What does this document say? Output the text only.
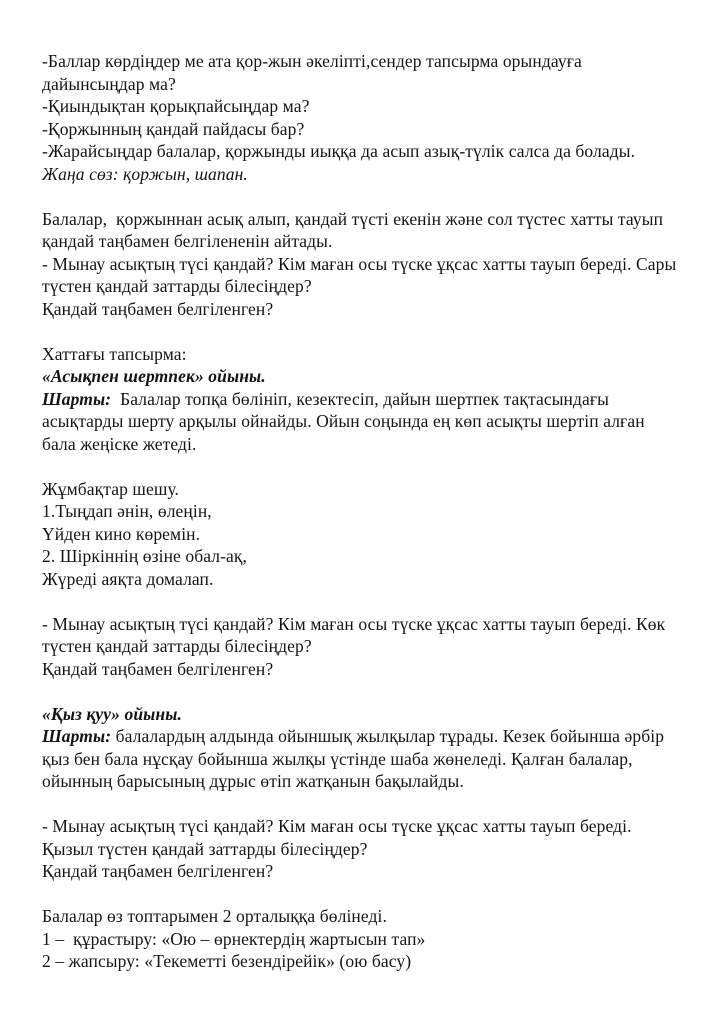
-Баллар көрдіңдер ме ата қор-жын әкеліпті,сендер тапсырма орындауға
дайынсыңдар ма?
-Қиындықтан қорықпайсыңдар ма?
-Қоржынның қандай пайдасы бар?
-Жарайсыңдар балалар, қоржынды иыққа да асып азық-түлік салса да болады.
Жаңа сөз: қоржын, шапан.
Балалар,  қоржыннан асық алып, қандай түсті екенін және сол түстес хатты тауып
қандай таңбамен белгілененін айтады.
- Мынау асықтың түсі қандай? Кім маған осы түске ұқсас хатты тауып береді. Сары
түстен қандай заттарды білесіңдер?
Қандай таңбамен белгіленген?
Хаттағы тапсырма:
«Асықпен шертпек» ойыны.
Шарты:  Балалар топқа бөлініп, кезектесіп, дайын шертпек тақтасындағы
асықтарды шерту арқылы ойнайды. Ойын соңында ең көп асықты шертіп алған
бала жеңіске жетеді.
Жұмбақтар шешу.
1.Тыңдап әнін, өлеңін,
Үйден кино көремін.
2. Шіркіннің өзіне обал-ақ,
Жүреді аяқта домалап.
- Мынау асықтың түсі қандай? Кім маған осы түске ұқсас хатты тауып береді. Көк
түстен қандай заттарды білесіңдер?
Қандай таңбамен белгіленген?
«Қыз қуу» ойыны.
Шарты: балалардың алдында ойыншық жылқылар тұрады. Кезек бойынша әрбір
қыз бен бала нұсқау бойынша жылқы үстінде шаба жөнеледі. Қалған балалар,
ойынның барысының дұрыс өтіп жатқанын бақылайды.
- Мынау асықтың түсі қандай? Кім маған осы түске ұқсас хатты тауып береді.
Қызыл түстен қандай заттарды білесіңдер?
Қандай таңбамен белгіленген?
Балалар өз топтарымен 2 орталыққа бөлінеді.
1 –  құрастыру: «Ою – өрнектердің жартысын тап»
2 – жапсыру: «Текеметті безендірейік» (ою басу)
